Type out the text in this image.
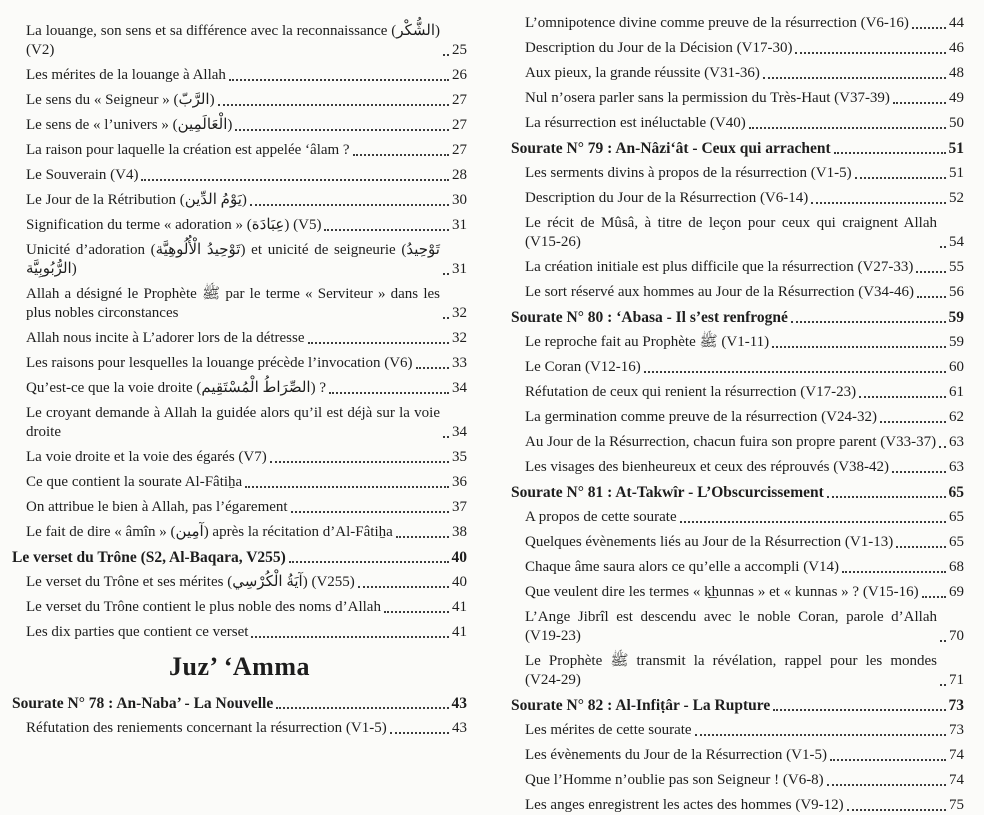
La louange, son sens et sa différence avec la reconnaissance (الشُّكْر) (V2)	25
Les mérites de la louange à Allah	26
Le sens du « Seigneur » (الرَّبّ)	27
Le sens de « l’univers » (الْعَالَمِين)	27
La raison pour laquelle la création est appelée ‘âlam ?	27
Le Souverain (V4)	28
Le Jour de la Rétribution (يَوْمُ الدِّين)	30
Signification du terme « adoration » (عِبَادَة) (V5)	31
Unicité d’adoration (تَوْحِيدُ الْأُلُوهِيَّة) et unicité de seigneurie (تَوْحِيدُ الرُّبُوبِيَّة)	31
Allah a désigné le Prophète ﷺ par le terme « Serviteur » dans les plus nobles circonstances	32
Allah nous incite à L’adorer lors de la détresse	32
Les raisons pour lesquelles la louange précède l’invocation (V6)	33
Qu’est-ce que la voie droite (الصِّرَاطُ الْمُسْتَقِيم) ?	34
Le croyant demande à Allah la guidée alors qu’il est déjà sur la voie droite	34
La voie droite et la voie des égarés (V7)	35
Ce que contient la sourate Al-Fâtiẖa	36
On attribue le bien à Allah, pas l’égarement	37
Le fait de dire « âmîn » (آمِين) après la récitation d’Al-Fâtiẖa	38
Le verset du Trône (S2, Al-Baqara, V255)	40
Le verset du Trône et ses mérites (آيَةُ الْكُرْسِي) (V255)	40
Le verset du Trône contient le plus noble des noms d’Allah	41
Les dix parties que contient ce verset	41
Juz’ ‘Amma
Sourate N° 78 : An-Naba’ - La Nouvelle	43
Réfutation des reniements concernant la résurrection (V1-5)	43
L’omnipotence divine comme preuve de la résurrection (V6-16)	44
Description du Jour de la Décision (V17-30)	46
Aux pieux, la grande réussite (V31-36)	48
Nul n’osera parler sans la permission du Très-Haut (V37-39)	49
La résurrection est inéluctable (V40)	50
Sourate N° 79 : An-Nâzi‘ât - Ceux qui arrachent	51
Les serments divins à propos de la résurrection (V1-5)	51
Description du Jour de la Résurrection (V6-14)	52
Le récit de Mûsâ, à titre de leçon pour ceux qui craignent Allah (V15-26)	54
La création initiale est plus difficile que la résurrection (V27-33) 55
Le sort réservé aux hommes au Jour de la Résurrection (V34-46) 56
Sourate N° 80 : ‘Abasa - Il s’est renfrogné	59
Le reproche fait au Prophète ﷺ (V1-11)	59
Le Coran (V12-16)	60
Réfutation de ceux qui renient la résurrection (V17-23)	61
La germination comme preuve de la résurrection (V24-32)	62
Au Jour de la Résurrection, chacun fuira son propre parent (V33-37) 63
Les visages des bienheureux et ceux des réprouvés (V38-42)	63
Sourate N° 81 : At-Takwîr - L’Obscurcissement	65
A propos de cette sourate	65
Quelques évènements liés au Jour de la Résurrection (V1-13)	65
Chaque âme saura alors ce qu’elle a accompli (V14)	68
Que veulent dire les termes « k͟hunnas » et « kunnas » ? (V15-16) 69
L’Ange Jibrîl est descendu avec le noble Coran, parole d’Allah (V19-23)	70
Le Prophète ﷺ transmit la révélation, rappel pour les mondes (V24-29)	71
Sourate N° 82 : Al-Infiṭâr - La Rupture	73
Les mérites de cette sourate	73
Les évènements du Jour de la Résurrection (V1-5)	74
Que l’Homme n’oublie pas son Seigneur ! (V6-8)	74
Les anges enregistrent les actes des hommes (V9-12)	75
